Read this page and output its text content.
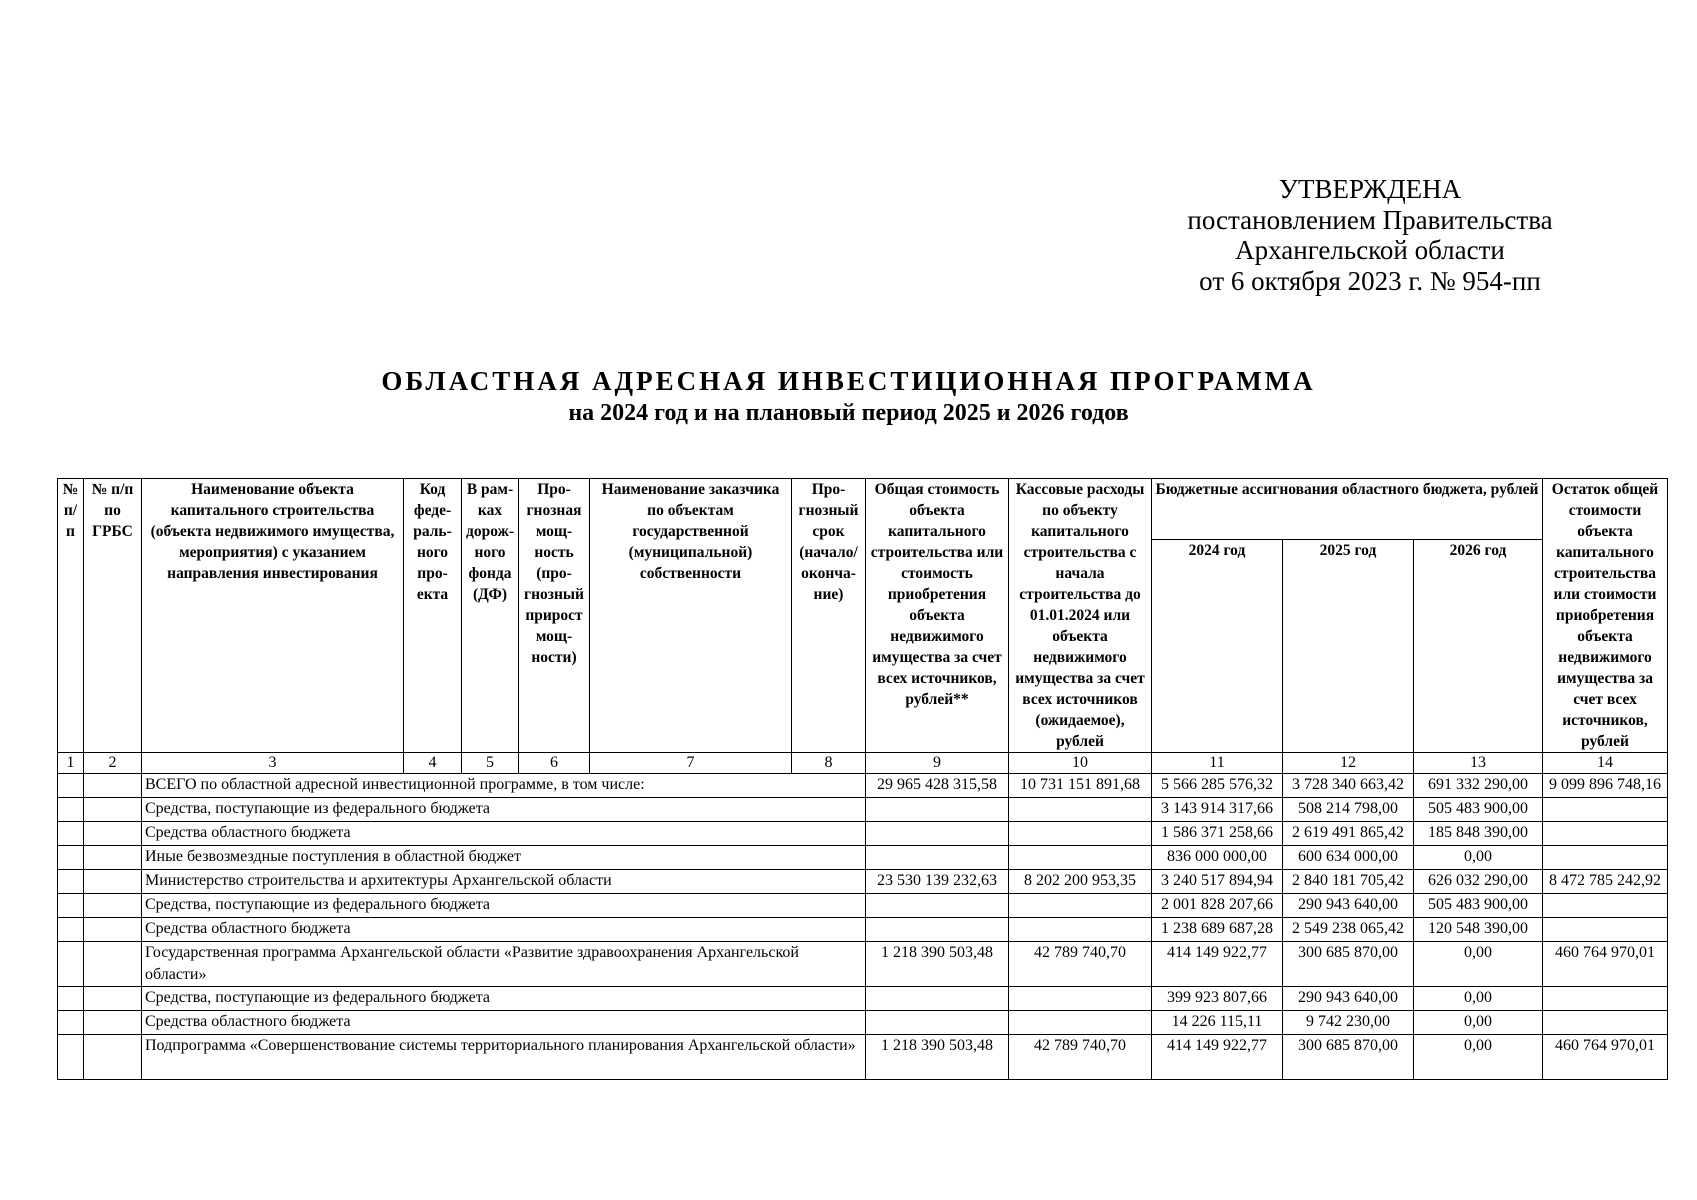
УТВЕРЖДЕНА
постановлением Правительства
Архангельской области
от 6 октября 2023 г. № 954-пп
ОБЛАСТНАЯ АДРЕСНАЯ ИНВЕСТИЦИОННАЯ ПРОГРАММА
на 2024 год и на плановый период 2025 и 2026 годов
№ п/п	№ п/п по ГРБС	Наименование объекта капитального строительства (объекта недвижимого имущества, мероприятия) с указанием направления инвестирования	Код феде-раль-ного про-екта	В рам-ках дорож-ного фонда (ДФ)	Про-гнозная мощ-ность (про-гнозный прирост мощ-ности)	Наименование заказчика по объектам государственной (муниципальной) собственности	Про-гнозный срок (начало/ оконча-ние)	Общая стоимость объекта капитального строительства или стоимость приобретения объекта недвижимого имущества за счет всех источников, рублей**	Кассовые расходы по объекту капитального строительства с начала строительства до 01.01.2024 или объекта недвижимого имущества за счет всех источников (ожидаемое), рублей	Бюджетные ассигнования областного бюджета, рублей			Остаток общей стоимости объекта капитального строительства или стоимости приобретения объекта недвижимого имущества за счет всех источников, рублей
										2024 год	2025 год	2026 год	
1	2	3	4	5	6	7	8	9	10	11	12	13	14
		ВСЕГО по областной адресной инвестиционной программе, в том числе:						29 965 428 315,58	10 731 151 891,68	5 566 285 576,32	3 728 340 663,42	691 332 290,00	9 099 896 748,16
		Средства, поступающие из федерального бюджета								3 143 914 317,66	508 214 798,00	505 483 900,00	
		Средства областного бюджета								1 586 371 258,66	2 619 491 865,42	185 848 390,00	
		Иные безвозмездные поступления в областной бюджет								836 000 000,00	600 634 000,00	0,00	
		Министерство строительства и архитектуры Архангельской области						23 530 139 232,63	8 202 200 953,35	3 240 517 894,94	2 840 181 705,42	626 032 290,00	8 472 785 242,92
		Средства, поступающие из федерального бюджета								2 001 828 207,66	290 943 640,00	505 483 900,00	
		Средства областного бюджета								1 238 689 687,28	2 549 238 065,42	120 548 390,00	
		Государственная программа Архангельской области «Развитие здравоохранения Архангельской области»						1 218 390 503,48	42 789 740,70	414 149 922,77	300 685 870,00	0,00	460 764 970,01
		Средства, поступающие из федерального бюджета								399 923 807,66	290 943 640,00	0,00	
		Средства областного бюджета								14 226 115,11	9 742 230,00	0,00	
		Подпрограмма «Совершенствование системы территориального планирования Архангельской области»						1 218 390 503,48	42 789 740,70	414 149 922,77	300 685 870,00	0,00	460 764 970,01
